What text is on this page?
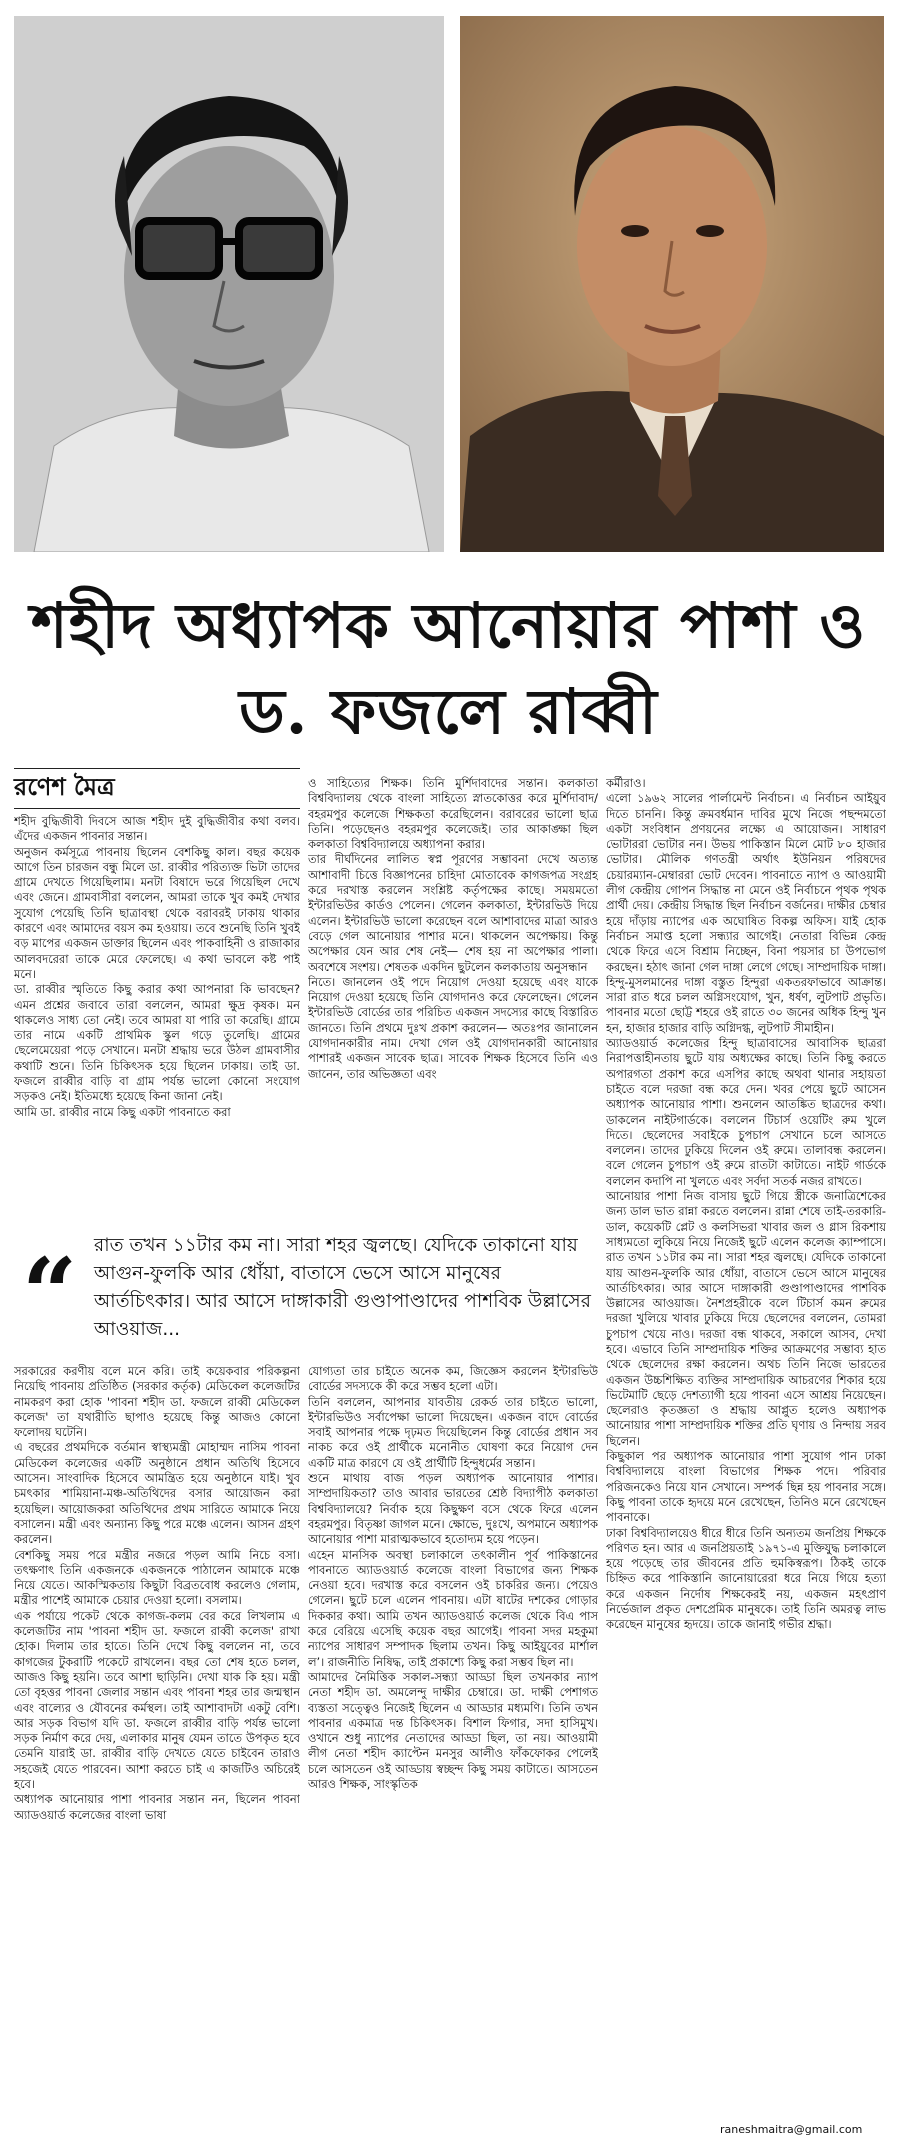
শহীদ অধ্যাপক আনোয়ার পাশা ও
ড. ফজলে রাব্বী
রণেশ মৈত্র

শহীদ বুদ্ধিজীবী দিবসে আজ শহীদ দুই বুদ্ধিজীবীর কথা বলব। এঁদের একজন পাবনার সন্তান।

অনুজন কর্মসূত্রে পাবনায় ছিলেন বেশকিছু কাল। বছর কয়েক আগে তিন চারজন বন্ধু মিলে ডা. রাব্বীর পরিত্যক্ত ভিটা তাদের গ্রামে দেখতে গিয়েছিলাম। মনটা বিষাদে ভরে গিয়েছিল দেখে এবং জেনে। গ্রামবাসীরা বললেন, আমরা তাকে খুব কমই দেখার সুযোগ পেয়েছি তিনি ছাত্রাবস্থা থেকে বরাবরই ঢাকায় থাকার কারণে এবং আমাদের বয়স কম হওয়ায়। তবে শুনেছি তিনি খুবই বড় মাপের একজন ডাক্তার ছিলেন এবং পাকবাহিনী ও রাজাকার আলবদরেরা তাকে মেরে ফেলেছে। এ কথা ভাবলে কষ্ট পাই মনে।

ডা. রাব্বীর স্মৃতিতে কিছু করার কথা আপনারা কি ভাবছেন? এমন প্রশ্নের জবাবে তারা বললেন, আমরা ক্ষুদ্র কৃষক। মন থাকলেও সাধ্য তো নেই। তবে আমরা যা পারি তা করেছি। গ্রামে তার নামে একটি প্রাথমিক স্কুল গড়ে তুলেছি। গ্রামের ছেলেমেয়েরা পড়ে সেখানে। মনটা শ্রদ্ধায় ভরে উঠল গ্রামবাসীর কথাটি শুনে। তিনি চিকিৎসক হয়ে ছিলেন ঢাকায়। তাই ডা. ফজলে রাব্বীর বাড়ি বা গ্রাম পর্যন্ত ভালো কোনো সংযোগ সড়কও নেই। ইতিমধ্যে হয়েছে কিনা জানা নেই।

আমি ডা. রাব্বীর নামে কিছু একটা পাবনাতে করা

ও সাহিত্যের শিক্ষক। তিনি মুর্শিদাবাদের সন্তান। কলকাতা বিশ্ববিদ্যালয় থেকে বাংলা সাহিত্যে স্নাতকোত্তর করে মুর্শিদাবাদ/বহরমপুর কলেজে শিক্ষকতা করেছিলেন। বরাবরের ভালো ছাত্র তিনি। পড়েছেনও বহরমপুর কলেজেই। তার আকাঙ্ক্ষা ছিল কলকাতা বিশ্ববিদ্যালয়ে অধ্যাপনা করার।

তার দীর্ঘদিনের লালিত স্বপ্ন পূরণের সম্ভাবনা দেখে অত্যন্ত আশাবাদী চিত্তে বিজ্ঞাপনের চাহিদা মোতাবেক কাগজপত্র সংগ্রহ করে দরখাস্ত করলেন সংশ্লিষ্ট কর্তৃপক্ষের কাছে। সময়মতো ইন্টারভিউর কার্ডও পেলেন। গেলেন কলকাতা, ইন্টারভিউ দিয়ে এলেন। ইন্টারভিউ ভালো করেছেন বলে আশাবাদের মাত্রা আরও বেড়ে গেল আনোয়ার পাশার মনে। থাকলেন অপেক্ষায়। কিন্তু অপেক্ষার যেন আর শেষ নেই— শেষ হয় না অপেক্ষার পালা। অবশেষে সংশয়। শেষতক একদিন ছুটলেন কলকাতায় অনুসন্ধান

নিতে। জানলেন ওই পদে নিয়োগ দেওয়া হয়েছে এবং যাকে নিয়োগ দেওয়া হয়েছে তিনি যোগদানও করে ফেলেছেন। গেলেন ইন্টারভিউ বোর্ডের তার পরিচিত একজন সদস্যের কাছে বিস্তারিত জানতে। তিনি প্রথমে দুঃখ প্রকাশ করলেন— অতঃপর জানালেন যোগদানকারীর নাম। দেখা গেল ওই যোগদানকারী আনোয়ার পাশারই একজন সাবেক ছাত্র। সাবেক শিক্ষক হিসেবে তিনি এও জানেন, তার অভিজ্ঞতা এবং

“ রাত তখন ১১টার কম না। সারা শহর জ্বলছে। যেদিকে তাকানো যায় আগুন-ফুলকি আর ধোঁয়া, বাতাসে ভেসে আসে মানুষের আর্তচিৎকার। আর আসে দাঙ্গাকারী গুণ্ডাপাণ্ডাদের পাশবিক উল্লাসের আওয়াজ...

সরকারের করণীয় বলে মনে করি। তাই কয়েকবার পরিকল্পনা নিয়েছি পাবনায় প্রতিষ্ঠিত (সরকার কর্তৃক) মেডিকেল কলেজটির নামকরণ করা হোক 'পাবনা শহীদ ডা. ফজলে রাব্বী মেডিকেল কলেজ' তা যথারীতি ছাপাও হয়েছে কিন্তু আজও কোনো ফলোদয় ঘটেনি।

এ বছরের প্রথমদিকে বর্তমান স্বাস্থ্যমন্ত্রী মোহাম্মদ নাসিম পাবনা মেডিকেল কলেজের একটি অনুষ্ঠানে প্রধান অতিথি হিসেবে আসেন। সাংবাদিক হিসেবে আমন্ত্রিত হয়ে অনুষ্ঠানে যাই। খুব চমৎকার শামিয়ানা-মঞ্চ-অতিথিদের বসার আয়োজন করা হয়েছিল। আয়োজকরা অতিথিদের প্রথম সারিতে আমাকে নিয়ে বসালেন। মন্ত্রী এবং অন্যান্য কিছু পরে মঞ্চে এলেন। আসন গ্রহণ করলেন।

বেশকিছু সময় পরে মন্ত্রীর নজরে পড়ল আমি নিচে বসা। তৎক্ষণাৎ তিনি একজনকে একজনকে পাঠালেন আমাকে মঞ্চে নিয়ে যেতে। আকস্মিকতায় কিছুটা বিব্রতবোধ করলেও গেলাম, মন্ত্রীর পাশেই আমাকে চেয়ার দেওয়া হলো। বসলাম।

এক পর্যায়ে পকেট থেকে কাগজ-কলম বের করে লিখলাম এ কলেজটির নাম 'পাবনা শহীদ ডা. ফজলে রাব্বী কলেজ' রাখা হোক। দিলাম তার হাতে। তিনি দেখে কিছু বললেন না, তবে কাগজের টুকরাটি পকেটে রাখলেন। বছর তো শেষ হতে চলল, আজও কিছু হয়নি। তবে আশা ছাড়িনি। দেখা যাক কি হয়। মন্ত্রী তো বৃহত্তর পাবনা জেলার সন্তান এবং পাবনা শহর তার জন্মস্থান এবং বাল্যের ও যৌবনের কর্মস্থল। তাই আশাবাদটা একটু বেশি। আর সড়ক বিভাগ যদি ডা. ফজলে রাব্বীর বাড়ি পর্যন্ত ভালো সড়ক নির্মাণ করে দেয়, এলাকার মানুষ যেমন তাতে উপকৃত হবে তেমনি যারাই ডা. রাব্বীর বাড়ি দেখতে যেতে চাইবেন তারাও সহজেই যেতে পারবেন। আশা করতে চাই এ কাজটিও অচিরেই হবে।

অধ্যাপক আনোয়ার পাশা পাবনার সন্তান নন, ছিলেন পাবনা অ্যাডওয়ার্ড কলেজের বাংলা ভাষা

যোগ্যতা তার চাইতে অনেক কম, জিজ্ঞেস করলেন ইন্টারভিউ বোর্ডের সদস্যকে কী করে সম্ভব হলো এটা।

তিনি বললেন, আপনার যাবতীয় রেকর্ড তার চাইতে ভালো, ইন্টারভিউও সর্বাপেক্ষা ভালো দিয়েছেন। একজন বাদে বোর্ডের সবাই আপনার পক্ষে দৃঢ়মত দিয়েছিলেন কিন্তু বোর্ডের প্রধান সব নাকচ করে ওই প্রার্থীকে মনোনীত ঘোষণা করে নিয়োগ দেন একটি মাত্র কারণে যে ওই প্রার্থীটি হিন্দুধর্মের সন্তান।

শুনে মাথায় বাজ পড়ল অধ্যাপক আনোয়ার পাশার। সাম্প্রদায়িকতা? তাও আবার ভারতের শ্রেষ্ঠ বিদ্যাপীঠ কলকাতা বিশ্ববিদ্যালয়ে? নির্বাক হয়ে কিছুক্ষণ বসে থেকে ফিরে এলেন বহরমপুর। বিতৃষ্ণা জাগল মনে। ক্ষোভে, দুঃখে, অপমানে অধ্যাপক আনোয়ার পাশা মারাত্মকভাবে হতোদ্যম হয়ে পড়েন।

এহেন মানসিক অবস্থা চলাকালে তৎকালীন পূর্ব পাকিস্তানের পাবনাতে অ্যাডওয়ার্ড কলেজে বাংলা বিভাগের জন্য শিক্ষক নেওয়া হবে। দরখাস্ত করে বসলেন ওই চাকরির জন্য। পেয়েও গেলেন। ছুটে চলে এলেন পাবনায়। এটা ষাটের দশকের গোড়ার দিককার কথা। আমি তখন অ্যাডওয়ার্ড কলেজ থেকে বিএ পাস করে বেরিয়ে এসেছি কয়েক বছর আগেই। পাবনা সদর মহকুমা ন্যাপের সাধারণ সম্পাদক ছিলাম তখন। কিছু আইয়ুবের মার্শাল ল’। রাজনীতি নিষিদ্ধ, তাই প্রকাশ্যে কিছু করা সম্ভব ছিল না।

আমাদের নৈমিত্তিক সকাল-সন্ধ্যা আড্ডা ছিল তখনকার ন্যাপ নেতা শহীদ ডা. অমলেন্দু দাক্ষীর চেম্বারে। ডা. দাক্ষী পেশাগত ব্যস্ততা সত্ত্বেও নিজেই ছিলেন এ আড্ডার মধ্যমণি। তিনি তখন পাবনার একমাত্র দন্ত চিকিৎসক। বিশাল ফিগার, সদা হাসিমুখ। ওখানে শুধু ন্যাপের নেতাদের আড্ডা ছিল, তা নয়। আওয়ামী লীগ নেতা শহীদ ক্যাপ্টেন মনসুর আলীও ফাঁকফোকর পেলেই চলে আসতেন ওই আড্ডায় স্বচ্ছন্দ কিছু সময় কাটাতে। আসতেন আরও শিক্ষক, সাংস্কৃতিক

কর্মীরাও।

এলো ১৯৬২ সালের পার্লামেন্ট নির্বাচন। এ নির্বাচন আইয়ুব দিতে চাননি। কিন্তু ক্রমবর্ধমান দাবির মুখে নিজে পছন্দমতো একটা সংবিধান প্রণয়নের লক্ষ্যে এ আয়োজন। সাধারণ ভোটাররা ভোটার নন। উভয় পাকিস্তান মিলে মোট ৮০ হাজার ভোটার। মৌলিক গণতন্ত্রী অর্থাৎ ইউনিয়ন পরিষদের চেয়ারম্যান-মেম্বাররা ভোট দেবেন। পাবনাতে ন্যাপ ও আওয়ামী লীগ কেন্দ্রীয় গোপন সিদ্ধান্ত না মেনে ওই নির্বাচনে পৃথক পৃথক প্রার্থী দেয়। কেন্দ্রীয় সিদ্ধান্ত ছিল নির্বাচন বর্জনের। দাক্ষীর চেম্বার হয়ে দাঁড়ায় ন্যাপের এক অঘোষিত বিকল্প অফিস। যাই হোক নির্বাচন সমাপ্ত হলো সন্ধ্যার আগেই। নেতারা বিভিন্ন কেন্দ্র থেকে ফিরে এসে বিশ্রাম নিচ্ছেন, বিনা পয়সার চা উপভোগ করছেন। হঠাৎ জানা গেল দাঙ্গা লেগে গেছে। সাম্প্রদায়িক দাঙ্গা। হিন্দু-মুসলমানের দাঙ্গা বস্তুত হিন্দুরা একতরফাভাবে আক্রান্ত। সারা রাত ধরে চলল অগ্নিসংযোগ, খুন, ধর্ষণ, লুটপাট প্রভৃতি। পাবনার মতো ছোট্ট শহরে ওই রাতে ৩০ জনের অধিক হিন্দু খুন হন, হাজার হাজার বাড়ি অগ্নিদগ্ধ, লুটপাট সীমাহীন।

অ্যাডওয়ার্ড কলেজের হিন্দু ছাত্রাবাসের আবাসিক ছাত্ররা নিরাপত্তাহীনতায় ছুটে যায় অধ্যক্ষের কাছে। তিনি কিছু করতে অপারগতা প্রকাশ করে এসপির কাছে অথবা থানার সহায়তা চাইতে বলে দরজা বন্ধ করে দেন। খবর পেয়ে ছুটে আসেন অধ্যাপক আনোয়ার পাশা। শুনলেন আতঙ্কিত ছাত্রদের কথা। ডাকলেন নাইটগার্ডকে। বললেন টিচার্স ওয়েটিং রুম খুলে দিতে। ছেলেদের সবাইকে চুপচাপ সেখানে চলে আসতে বললেন। তাদের ঢুকিয়ে দিলেন ওই রুমে। তালাবন্ধ করলেন। বলে গেলেন চুপচাপ ওই রুমে রাতটা কাটাতে। নাইট গার্ডকে বললেন কদাপি না খুলতে এবং সর্বদা সতর্ক নজর রাখতে।

আনোয়ার পাশা নিজ বাসায় ছুটে গিয়ে স্ত্রীকে জনাত্রিশেকের জন্য ডাল ভাত রান্না করতে বললেন। রান্না শেষে তাই-তরকারি-ডাল, কয়েকটি প্লেট ও কলসিভরা খাবার জল ও গ্লাস রিকশায় সাধ্যমতো লুকিয়ে নিয়ে নিজেই ছুটে এলেন কলেজ ক্যাম্পাসে। রাত তখন ১১টার কম না। সারা শহর জ্বলছে। যেদিকে তাকানো যায় আগুন-ফুলকি আর ধোঁয়া, বাতাসে ভেসে আসে মানুষের আর্তচিৎকার। আর আসে দাঙ্গাকারী গুণ্ডাপাণ্ডাদের পাশবিক উল্লাসের আওয়াজ। নৈশপ্রহরীকে বলে টিচার্স কমন রুমের দরজা খুলিয়ে খাবার ঢুকিয়ে দিয়ে ছেলেদের বললেন, তোমরা চুপচাপ খেয়ে নাও। দরজা বন্ধ থাকবে, সকালে আসব, দেখা হবে। এভাবে তিনি সাম্প্রদায়িক শক্তির আক্রমণের সম্ভাব্য হাত থেকে ছেলেদের রক্ষা করলেন। অথচ তিনি নিজে ভারতের একজন উচ্চশিক্ষিত ব্যক্তির সাম্প্রদায়িক আচরণের শিকার হয়ে ভিটেমাটি ছেড়ে দেশত্যাগী হয়ে পাবনা এসে আশ্রয় নিয়েছেন। ছেলেরাও কৃতজ্ঞতা ও শ্রদ্ধায় আপ্লুত হলেও অধ্যাপক আনোয়ার পাশা সাম্প্রদায়িক শক্তির প্রতি ঘৃণায় ও নিন্দায় সরব ছিলেন।

কিছুকাল পর অধ্যাপক আনোয়ার পাশা সুযোগ পান ঢাকা বিশ্ববিদ্যালয়ে বাংলা বিভাগের শিক্ষক পদে। পরিবার পরিজনকেও নিয়ে যান সেখানে। সম্পর্ক ছিন্ন হয় পাবনার সঙ্গে। কিছু পাবনা তাকে হৃদয়ে মনে রেখেছেন, তিনিও মনে রেখেছেন পাবনাকে।

ঢাকা বিশ্ববিদ্যালয়েও ধীরে ধীরে তিনি অন্যতম জনপ্রিয় শিক্ষকে পরিণত হন। আর এ জনপ্রিয়তাই ১৯৭১-এ মুক্তিযুদ্ধ চলাকালে হয়ে পড়েছে তার জীবনের প্রতি হুমকিস্বরূপ। ঠিকই তাকে চিহ্নিত করে পাকিস্তানি জানোয়ারেরা ধরে নিয়ে গিয়ে হত্যা করে একজন নির্দোষ শিক্ষকেরই নয়, একজন মহৎপ্রাণ নির্ভেজাল প্রকৃত দেশপ্রেমিক মানুষকে। তাই তিনি অমরত্ব লাভ করেছেন মানুষের হৃদয়ে। তাকে জানাই গভীর শ্রদ্ধা।

raneshmaitra@gmail.com
